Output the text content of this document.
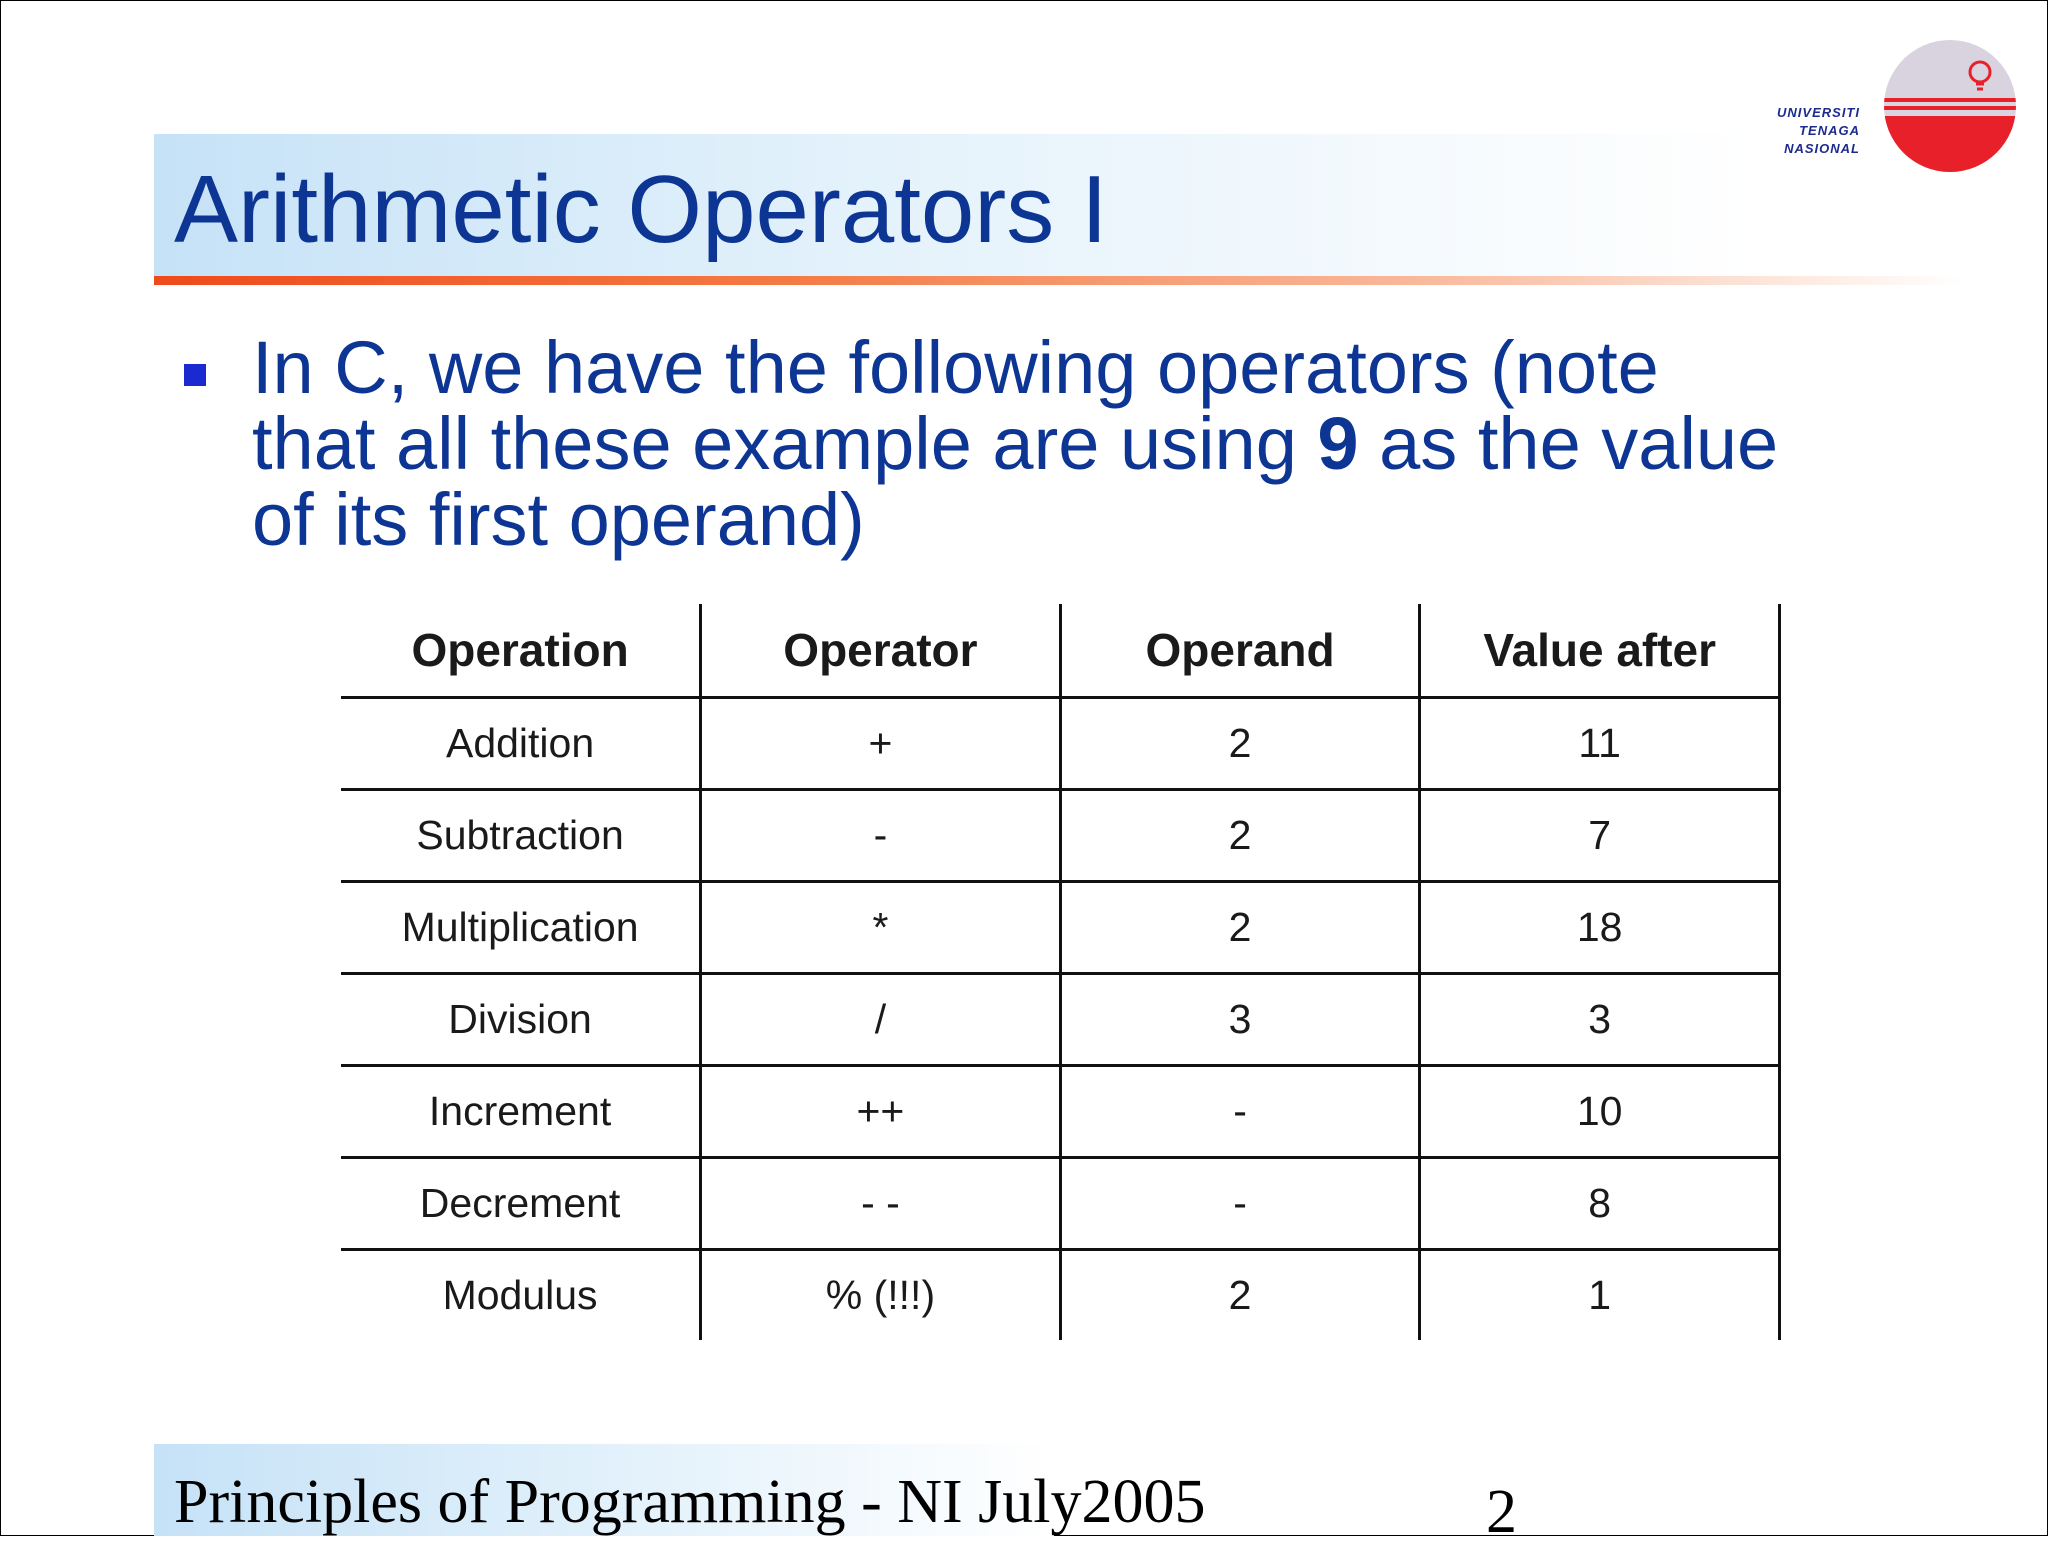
Arithmetic Operators I
UNIVERSITI
TENAGA
NASIONAL

In C, we have the following operators (note that all these example are using 9 as the value of its first operand)

Operation	Operator	Operand	Value after
Addition	+	2	11
Subtraction	-	2	7
Multiplication	*	2	18
Division	/	3	3
Increment	++	-	10
Decrement	- -	-	8
Modulus	% (!!!)	2	1

Principles of Programming - NI July2005	2
